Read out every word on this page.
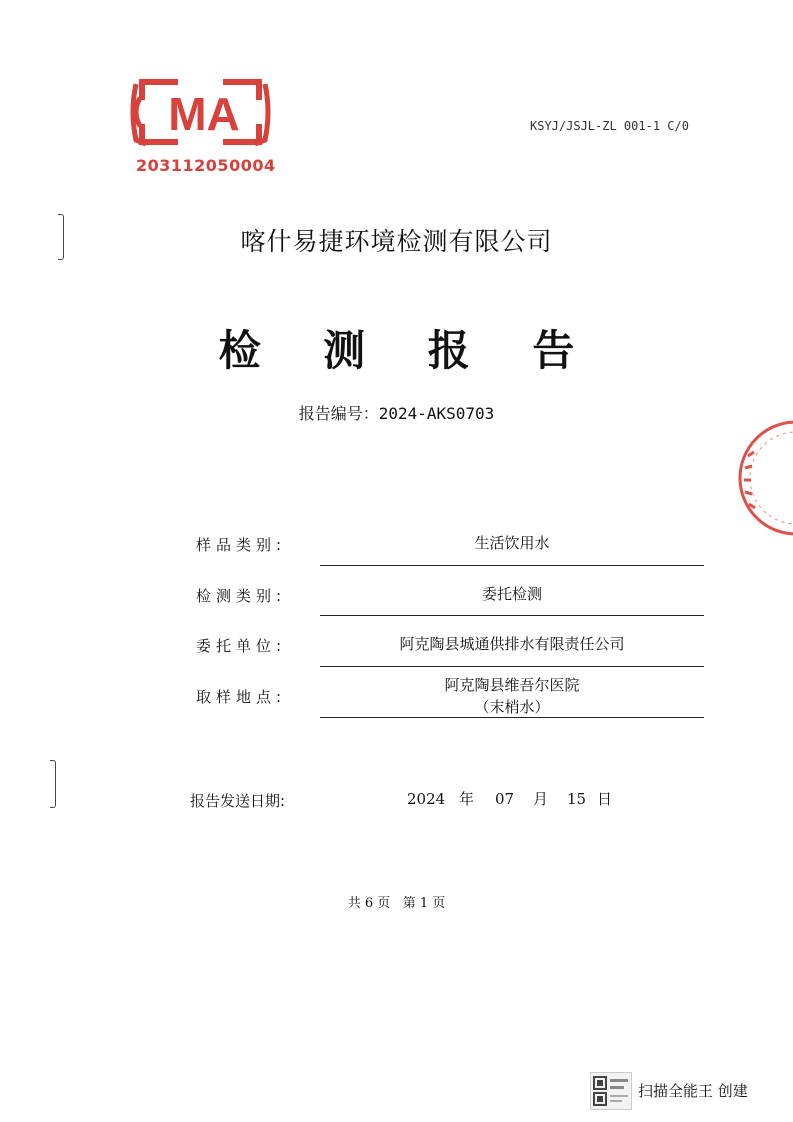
MA
203112050004
KSYJ/JSJL-ZL 001-1 C/0
喀什易捷环境检测有限公司
检 测 报 告
报告编号：2024-AKS0703
样品类别:	生活饮用水
检测类别:	委托检测
委托单位:	阿克陶县城通供排水有限责任公司
取样地点:
阿克陶县维吾尔医院
（末梢水）
报告发送日期:	2024 年 07 月 15 日
共 6 页   第 1 页
扫描全能王 创建
